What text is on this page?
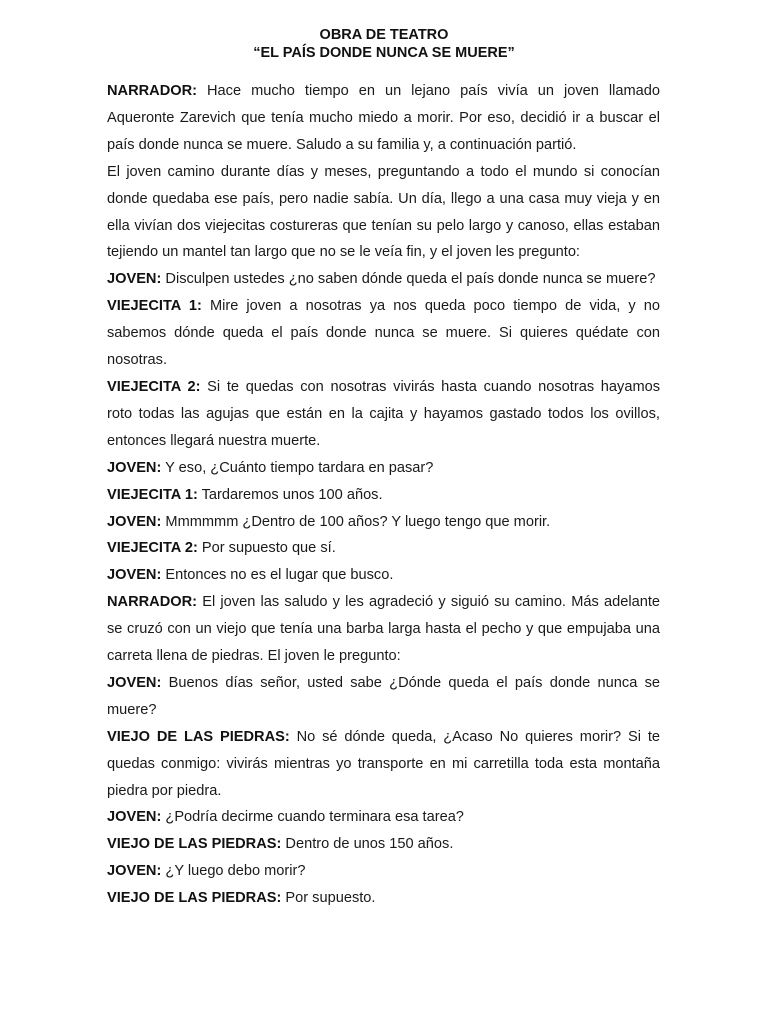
OBRA DE TEATRO
“EL PAÍS DONDE NUNCA SE MUERE”

NARRADOR: Hace mucho tiempo en un lejano país vivía un joven llamado Aqueronte Zarevich que tenía mucho miedo a morir. Por eso, decidió ir a buscar el país donde nunca se muere. Saludo a su familia y, a continuación partió.

El joven camino durante días y meses, preguntando a todo el mundo si conocían donde quedaba ese país, pero nadie sabía. Un día, llego a una casa muy vieja y en ella vivían dos viejecitas costureras que tenían su pelo largo y canoso, ellas estaban tejiendo un mantel tan largo que no se le veía fin, y el joven les pregunto:

JOVEN: Disculpen ustedes ¿no saben dónde queda el país donde nunca se muere?

VIEJECITA 1: Mire joven a nosotras ya nos queda poco tiempo de vida, y no sabemos dónde queda el país donde nunca se muere. Si quieres quédate con nosotras.

VIEJECITA 2: Si te quedas con nosotras vivirás hasta cuando nosotras hayamos roto todas las agujas que están en la cajita y hayamos gastado todos los ovillos, entonces llegará nuestra muerte.

JOVEN: Y eso, ¿Cuánto tiempo tardara en pasar?

VIEJECITA 1: Tardaremos unos 100 años.

JOVEN: Mmmmmm ¿Dentro de 100 años? Y luego tengo que morir.

VIEJECITA 2: Por supuesto que sí.

JOVEN: Entonces no es el lugar que busco.

NARRADOR: El joven las saludo y les agradeció y siguió su camino. Más adelante se cruzó con un viejo que tenía una barba larga hasta el pecho y que empujaba una carreta llena de piedras. El joven le pregunto:

JOVEN: Buenos días señor, usted sabe ¿Dónde queda el país donde nunca se muere?

VIEJO DE LAS PIEDRAS: No sé dónde queda, ¿Acaso No quieres morir? Si te quedas conmigo: vivirás mientras yo transporte en mi carretilla toda esta montaña piedra por piedra.

JOVEN: ¿Podría decirme cuando terminara esa tarea?

VIEJO DE LAS PIEDRAS: Dentro de unos 150 años.

JOVEN: ¿Y luego debo morir?

VIEJO DE LAS PIEDRAS: Por supuesto.
